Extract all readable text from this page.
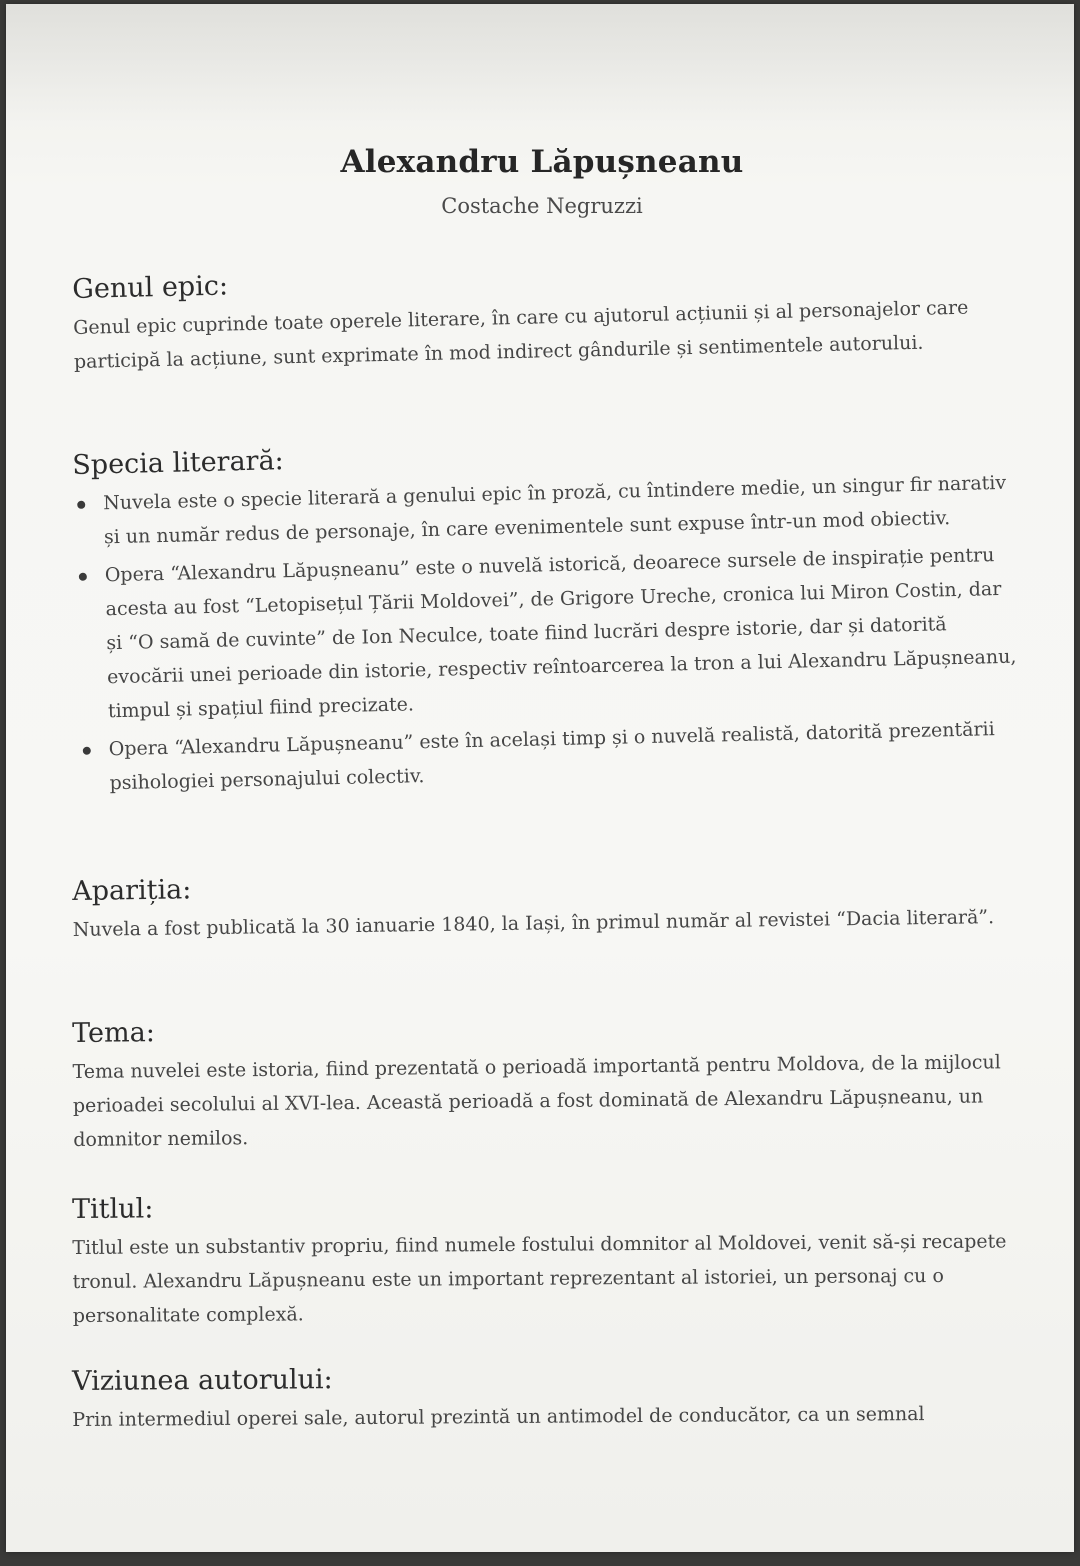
Alexandru Lăpușneanu

Costache Negruzzi

Genul epic:

Genul epic cuprinde toate operele literare, în care cu ajutorul acțiunii și al personajelor care participă la acțiune, sunt exprimate în mod indirect gândurile și sentimentele autorului.

Specia literară:
Nuvela este o specie literară a genului epic în proză, cu întindere medie, un singur fir narativ și un număr redus de personaje, în care evenimentele sunt expuse într-un mod obiectiv.
Opera “Alexandru Lăpușneanu” este o nuvelă istorică, deoarece sursele de inspirație pentru acesta au fost “Letopisețul Țării Moldovei”, de Grigore Ureche, cronica lui Miron Costin, dar și “O samă de cuvinte” de Ion Neculce, toate fiind lucrări despre istorie, dar și datorită evocării unei perioade din istorie, respectiv reîntoarcerea la tron a lui Alexandru Lăpușneanu, timpul și spațiul fiind precizate.
Opera “Alexandru Lăpușneanu” este în același timp și o nuvelă realistă, datorită prezentării psihologiei personajului colectiv.
Apariția:

Nuvela a fost publicată la 30 ianuarie 1840, la Iași, în primul număr al revistei “Dacia literară”.

Tema:

Tema nuvelei este istoria, fiind prezentată o perioadă importantă pentru Moldova, de la mijlocul perioadei secolului al XVI-lea. Această perioadă a fost dominată de Alexandru Lăpușneanu, un domnitor nemilos.

Titlul:

Titlul este un substantiv propriu, fiind numele fostului domnitor al Moldovei, venit să-și recapete tronul. Alexandru Lăpușneanu este un important reprezentant al istoriei, un personaj cu o personalitate complexă.

Viziunea autorului:

Prin intermediul operei sale, autorul prezintă un antimodel de conducător, ca un semnal
